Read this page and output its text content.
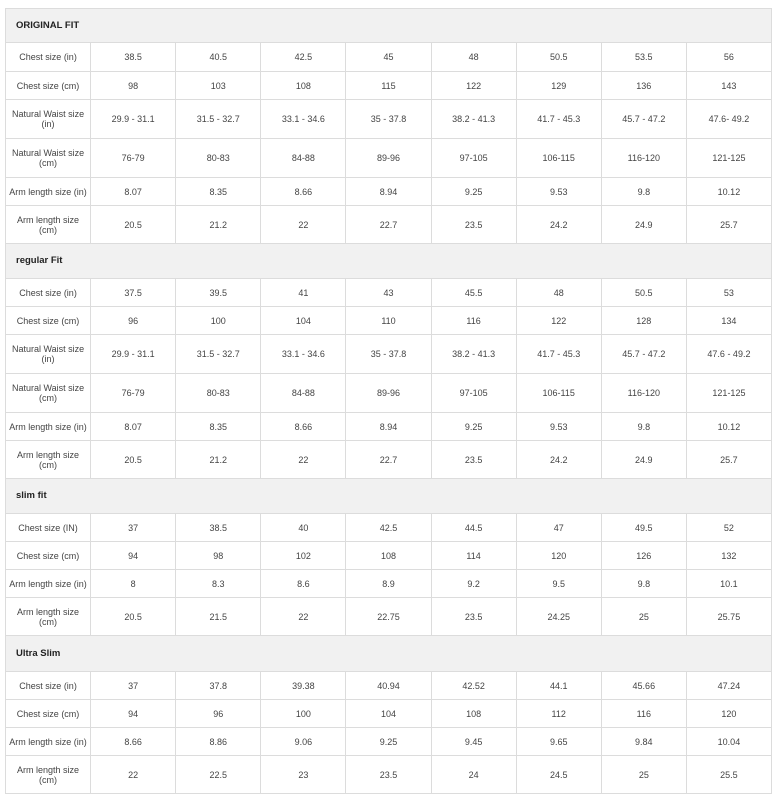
ORIGINAL FIT								
Chest size (in)	38.5	40.5	42.5	45	48	50.5	53.5	56
Chest size (cm)	98	103	108	115	122	129	136	143
Natural Waist size (in)	29.9 - 31.1	31.5 - 32.7	33.1 - 34.6	35 - 37.8	38.2 - 41.3	41.7 - 45.3	45.7 - 47.2	47.6- 49.2
Natural Waist size (cm)	76-79	80-83	84-88	89-96	97-105	106-115	116-120	121-125
Arm length size (in)	8.07	8.35	8.66	8.94	9.25	9.53	9.8	10.12
Arm length size (cm)	20.5	21.2	22	22.7	23.5	24.2	24.9	25.7
regular Fit								
Chest size (in)	37.5	39.5	41	43	45.5	48	50.5	53
Chest size (cm)	96	100	104	110	116	122	128	134
Natural Waist size (in)	29.9 - 31.1	31.5 - 32.7	33.1 - 34.6	35 - 37.8	38.2 - 41.3	41.7 - 45.3	45.7 - 47.2	47.6 - 49.2
Natural Waist size (cm)	76-79	80-83	84-88	89-96	97-105	106-115	116-120	121-125
Arm length size (in)	8.07	8.35	8.66	8.94	9.25	9.53	9.8	10.12
Arm length size (cm)	20.5	21.2	22	22.7	23.5	24.2	24.9	25.7
slim fit								
Chest size (IN)	37	38.5	40	42.5	44.5	47	49.5	52
Chest size (cm)	94	98	102	108	114	120	126	132
Arm length size (in)	8	8.3	8.6	8.9	9.2	9.5	9.8	10.1
Arm length size (cm)	20.5	21.5	22	22.75	23.5	24.25	25	25.75
Ultra Slim								
Chest size (in)	37	37.8	39.38	40.94	42.52	44.1	45.66	47.24
Chest size (cm)	94	96	100	104	108	112	116	120
Arm length size (in)	8.66	8.86	9.06	9.25	9.45	9.65	9.84	10.04
Arm length size (cm)	22	22.5	23	23.5	24	24.5	25	25.5
